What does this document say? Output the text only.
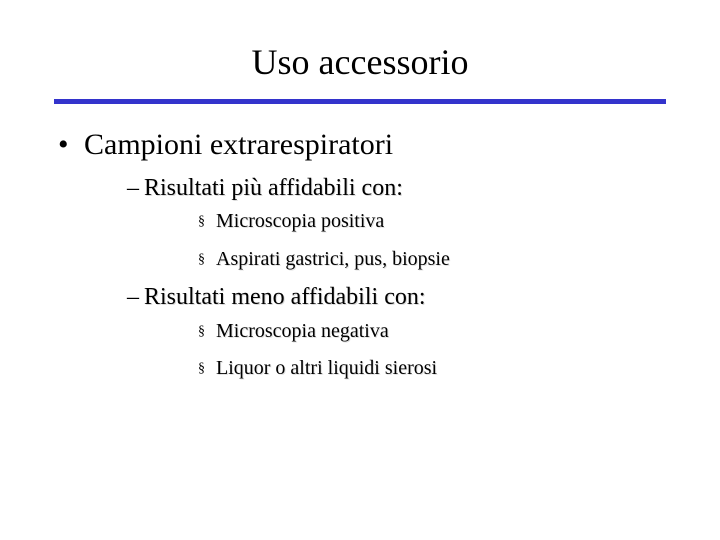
Uso accessorio
• Campioni extrarespiratori
– Risultati più affidabili con:
§ Microscopia positiva
§ Aspirati gastrici, pus, biopsie
– Risultati meno affidabili con:
§ Microscopia negativa
§ Liquor o altri liquidi sierosi
